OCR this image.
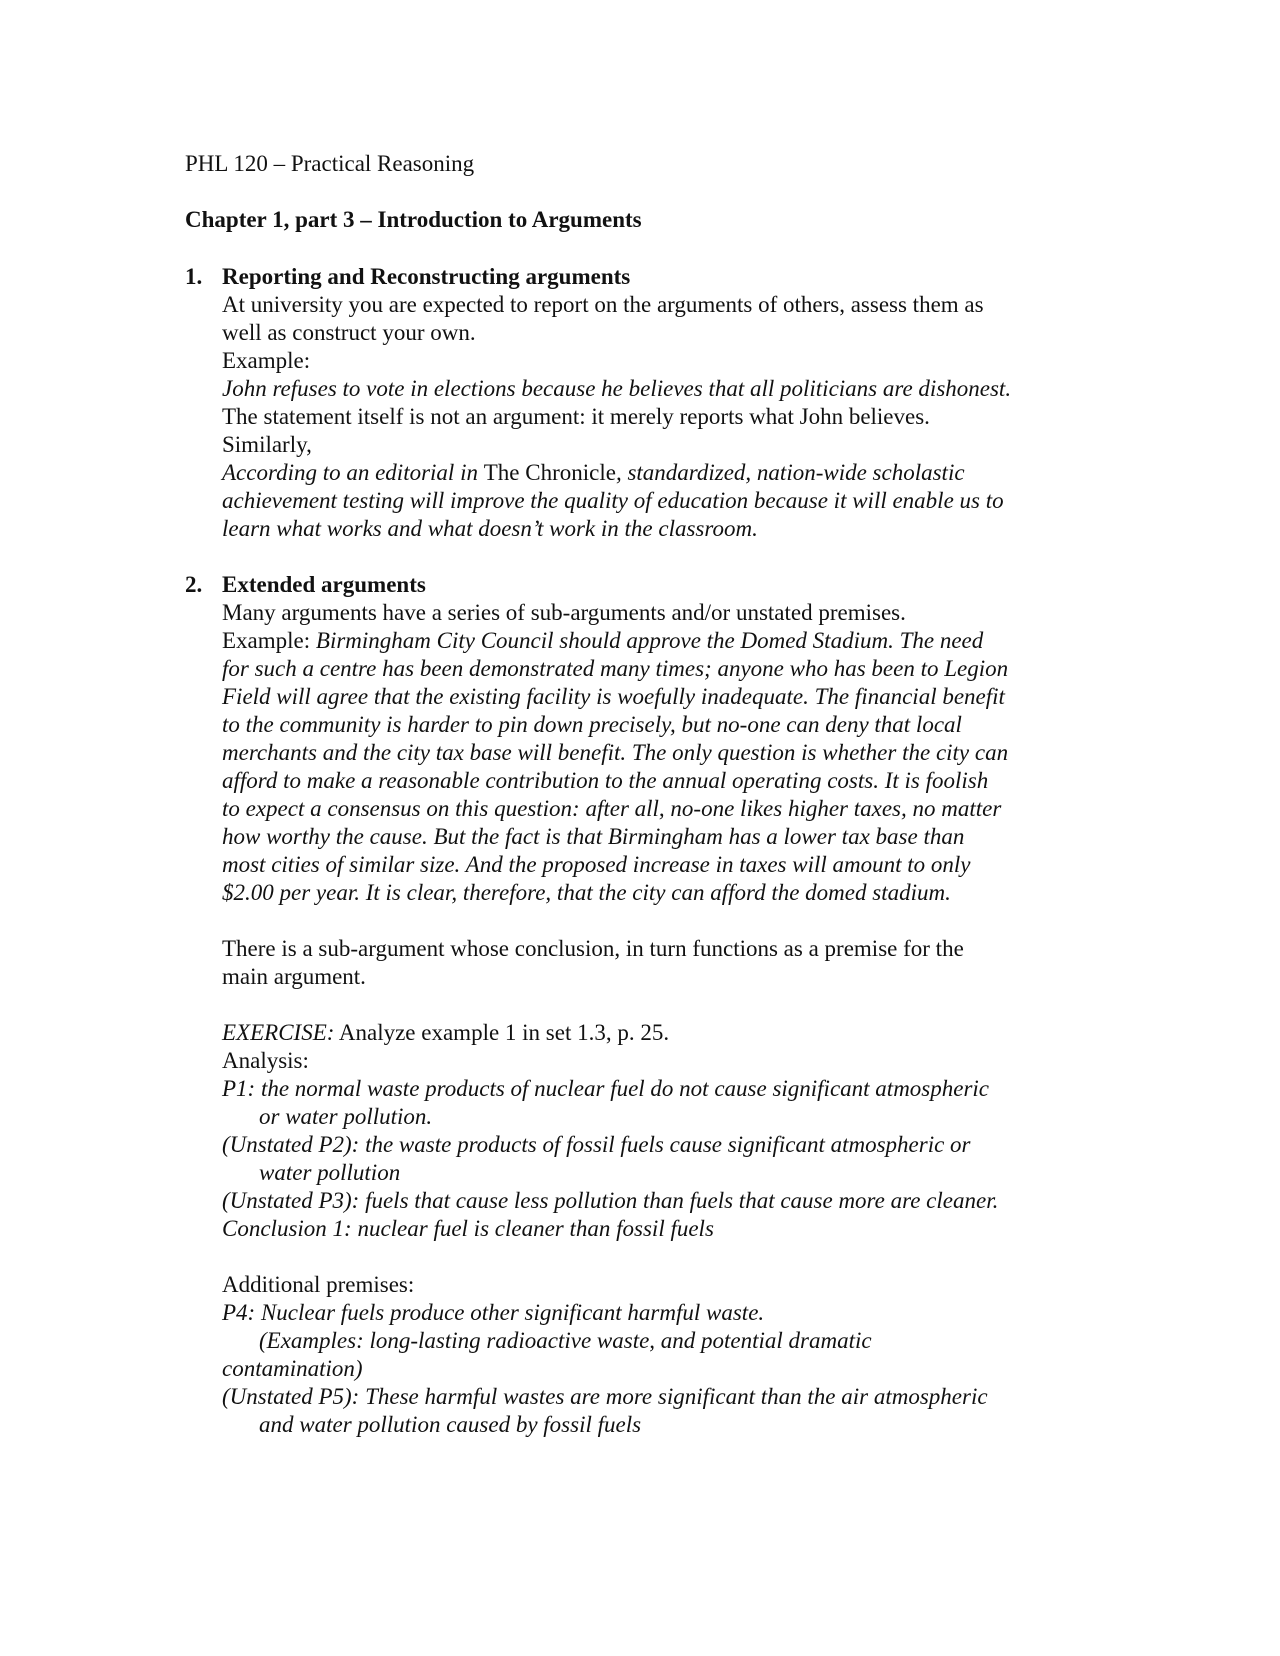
PHL 120 – Practical Reasoning
Chapter 1, part 3 – Introduction to Arguments
1. Reporting and Reconstructing arguments
At university you are expected to report on the arguments of others, assess them as
well as construct your own.
Example:
John refuses to vote in elections because he believes that all politicians are dishonest.
The statement itself is not an argument: it merely reports what John believes.
Similarly,
According to an editorial in The Chronicle, standardized, nation-wide scholastic
achievement testing will improve the quality of education because it will enable us to
learn what works and what doesn’t work in the classroom.
2. Extended arguments
Many arguments have a series of sub-arguments and/or unstated premises.
Example: Birmingham City Council should approve the Domed Stadium. The need
for such a centre has been demonstrated many times; anyone who has been to Legion
Field will agree that the existing facility is woefully inadequate. The financial benefit
to the community is harder to pin down precisely, but no-one can deny that local
merchants and the city tax base will benefit. The only question is whether the city can
afford to make a reasonable contribution to the annual operating costs. It is foolish
to expect a consensus on this question: after all, no-one likes higher taxes, no matter
how worthy the cause. But the fact is that Birmingham has a lower tax base than
most cities of similar size. And the proposed increase in taxes will amount to only
$2.00 per year. It is clear, therefore, that the city can afford the domed stadium.
There is a sub-argument whose conclusion, in turn functions as a premise for the
main argument.
EXERCISE: Analyze example 1 in set 1.3, p. 25.
Analysis:
P1: the normal waste products of nuclear fuel do not cause significant atmospheric
or water pollution.
(Unstated P2): the waste products of fossil fuels cause significant atmospheric or
water pollution
(Unstated P3): fuels that cause less pollution than fuels that cause more are cleaner.
Conclusion 1: nuclear fuel is cleaner than fossil fuels
Additional premises:
P4: Nuclear fuels produce other significant harmful waste.
(Examples: long-lasting radioactive waste, and potential dramatic
contamination)
(Unstated P5): These harmful wastes are more significant than the air atmospheric
and water pollution caused by fossil fuels
